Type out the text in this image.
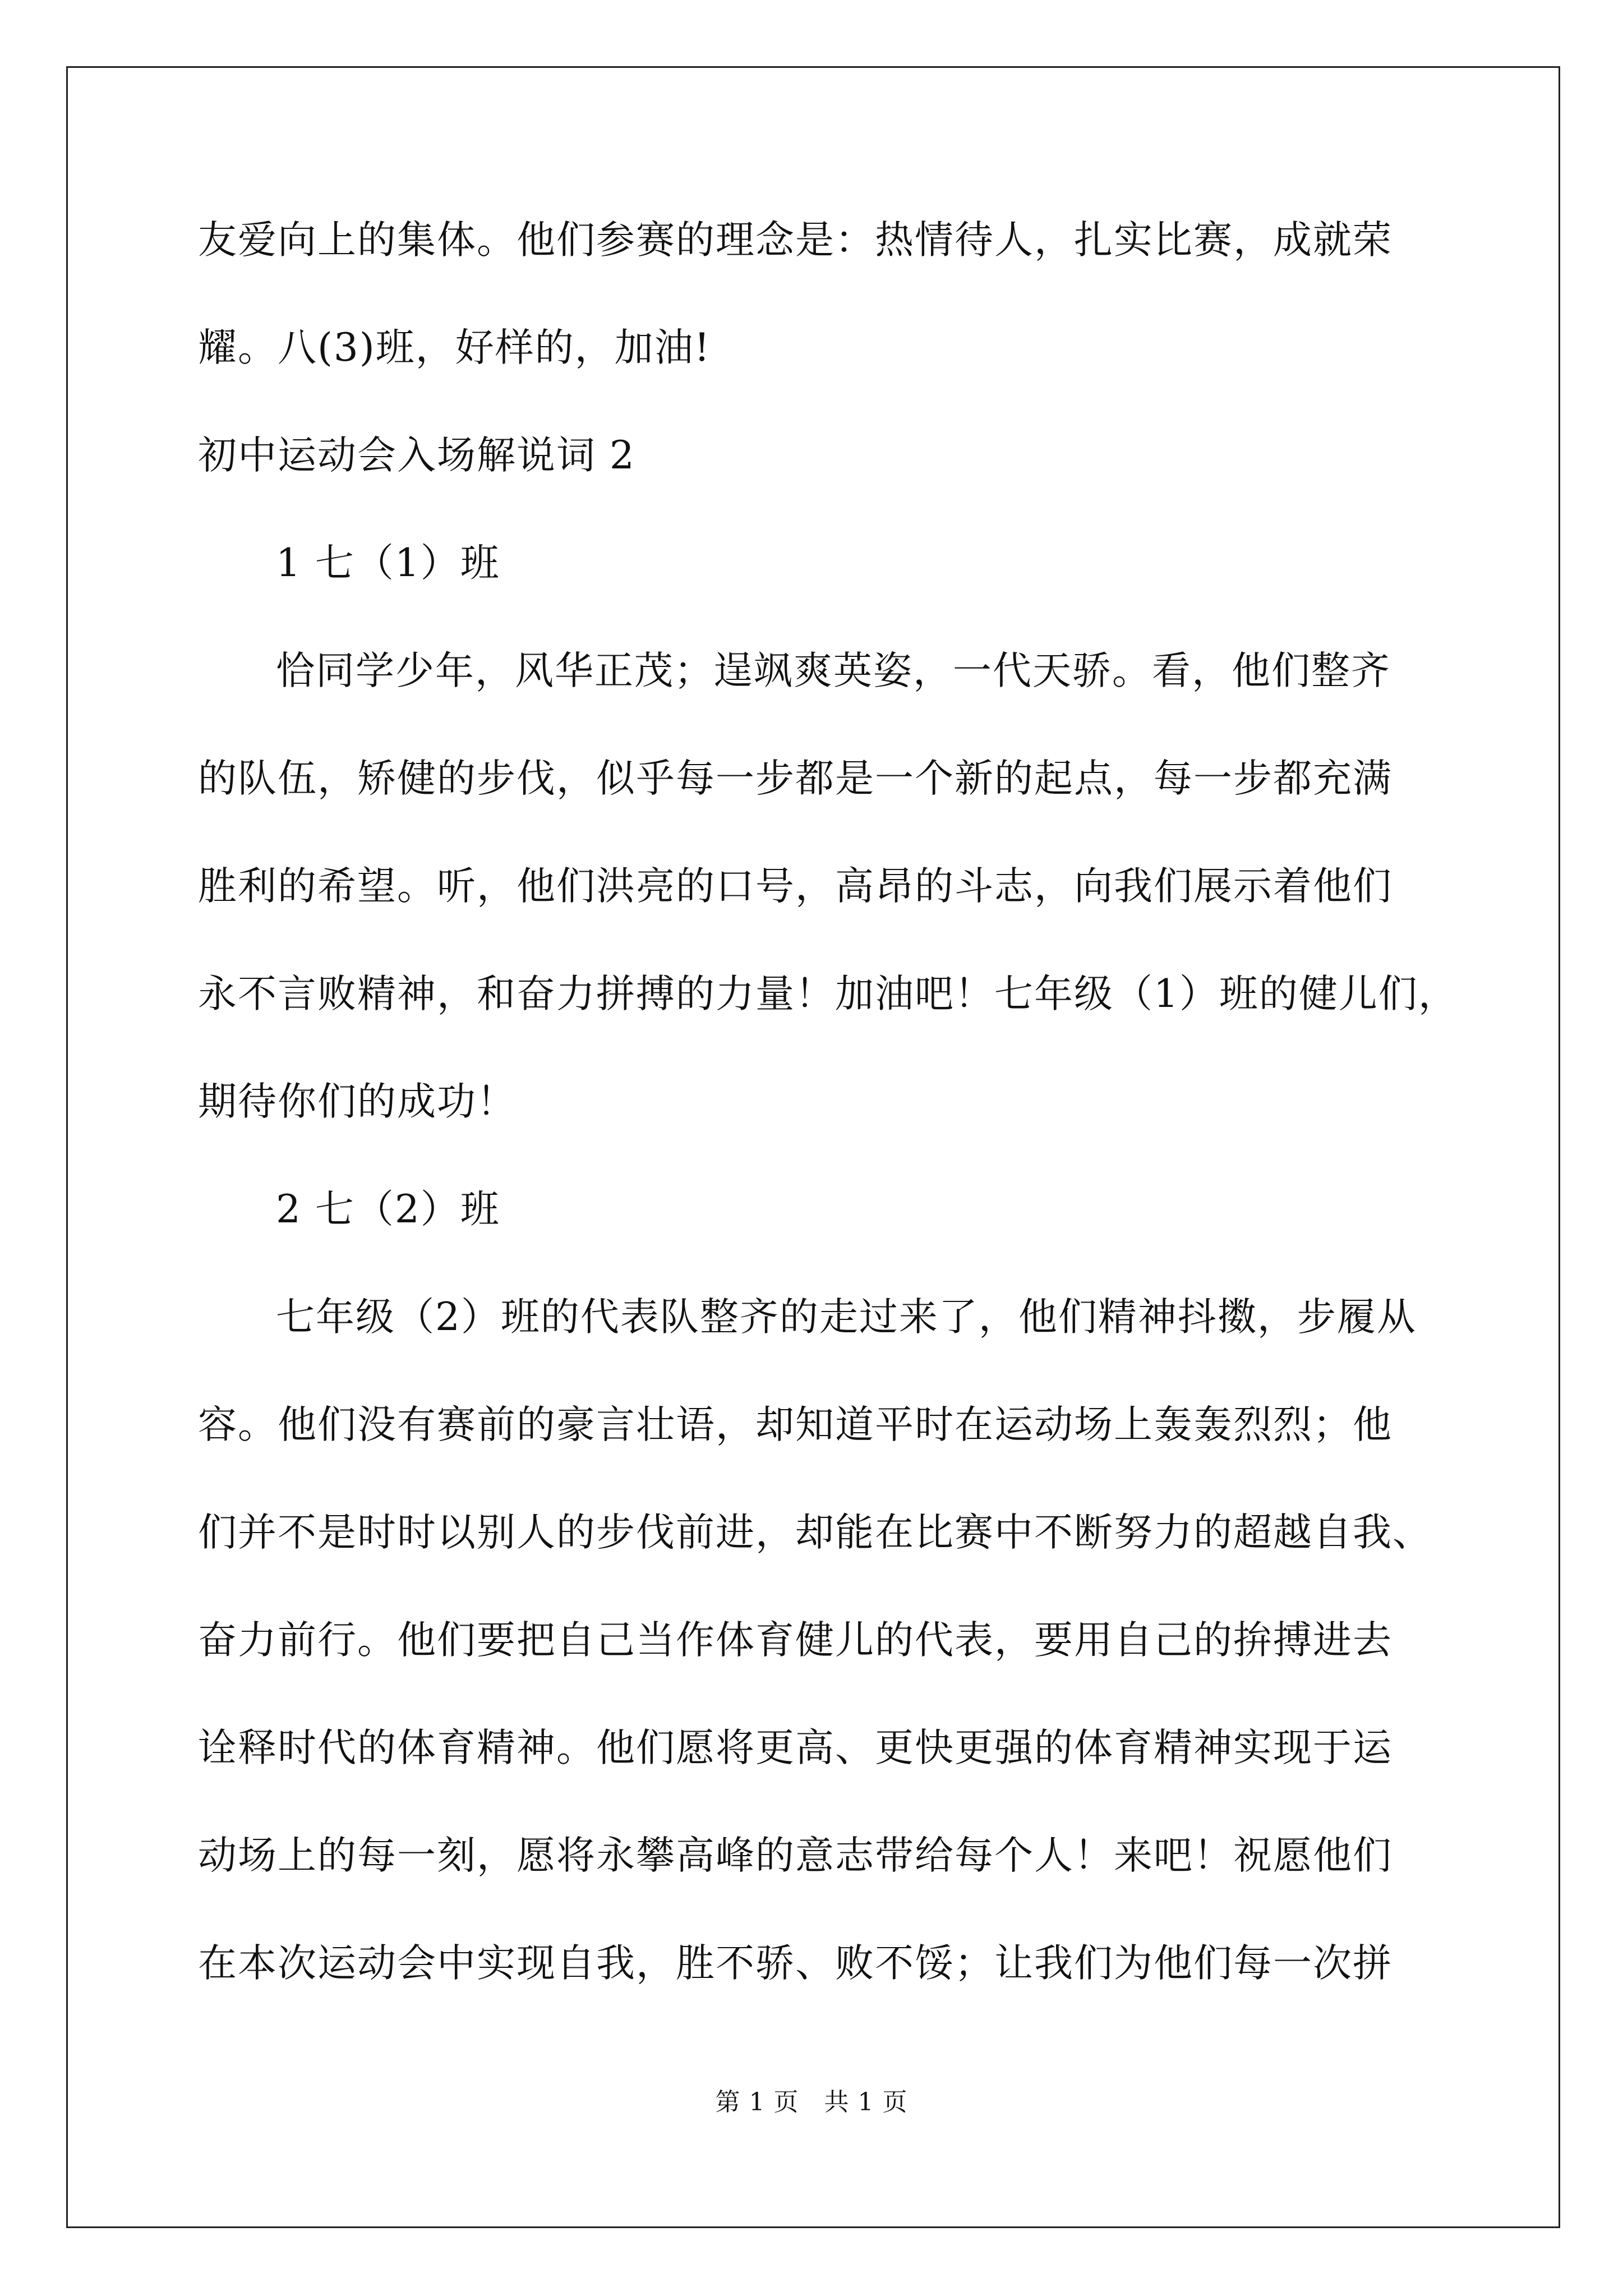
友爱向上的集体。他们参赛的理念是：热情待人，扎实比赛，成就荣
耀。八(3)班，好样的，加油!
初中运动会入场解说词 2
1 七（1）班
恰同学少年，风华正茂；逞飒爽英姿，一代天骄。看，他们整齐
的队伍，矫健的步伐，似乎每一步都是一个新的起点，每一步都充满
胜利的希望。听，他们洪亮的口号，高昂的斗志，向我们展示着他们
永不言败精神，和奋力拼搏的力量！加油吧！七年级（1）班的健儿们，
期待你们的成功！
2 七（2）班
七年级（2）班的代表队整齐的走过来了，他们精神抖擞，步履从
容。他们没有赛前的豪言壮语，却知道平时在运动场上轰轰烈烈；他
们并不是时时以别人的步伐前进，却能在比赛中不断努力的超越自我、
奋力前行。他们要把自己当作体育健儿的代表，要用自己的拚搏进去
诠释时代的体育精神。他们愿将更高、更快更强的体育精神实现于运
动场上的每一刻，愿将永攀高峰的意志带给每个人！来吧！祝愿他们
在本次运动会中实现自我，胜不骄、败不馁；让我们为他们每一次拼
第 1 页　共 1 页
